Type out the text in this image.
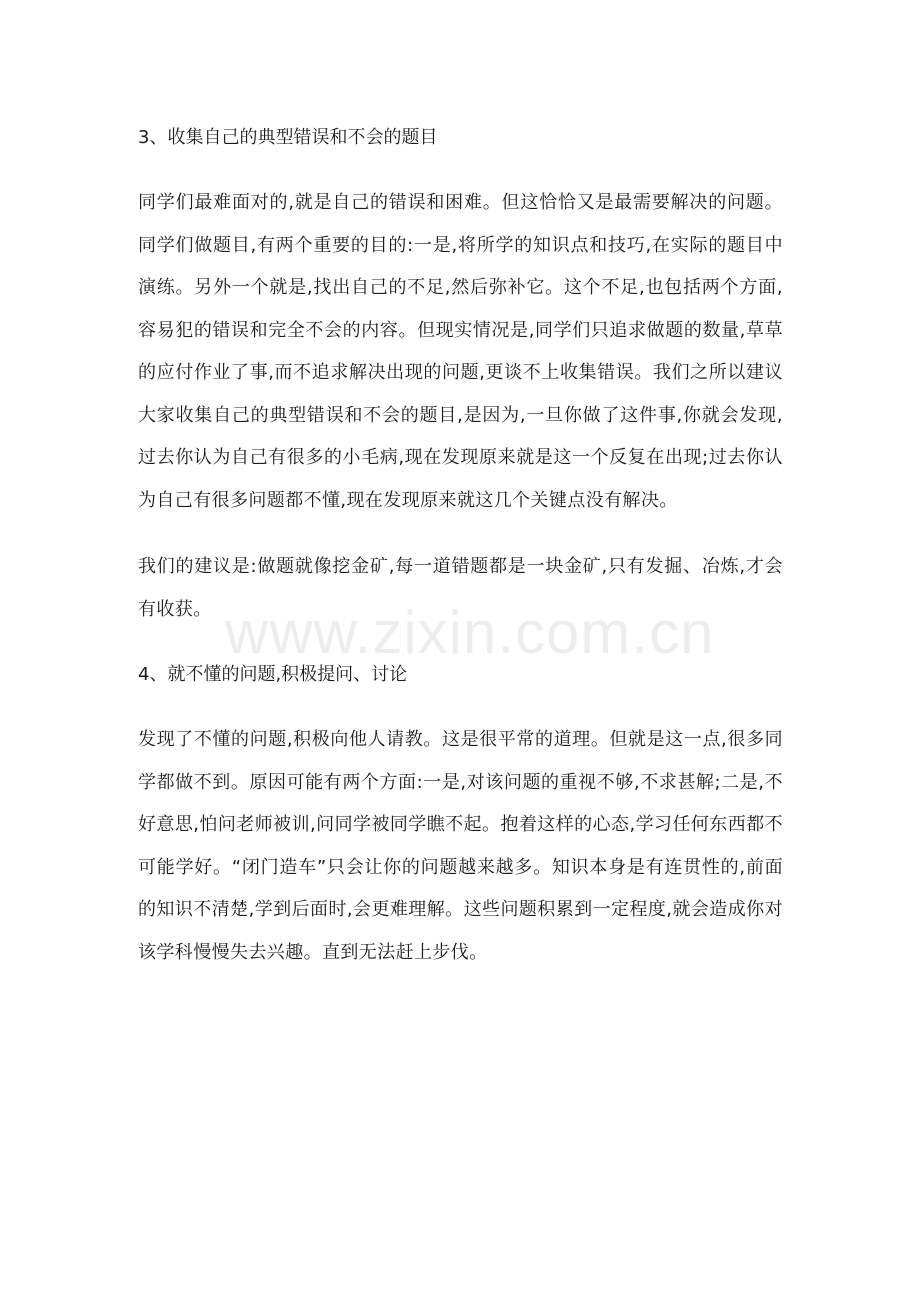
3、收集自己的典型错误和不会的题目

同学们最难面对的,就是自己的错误和困难。但这恰恰又是最需要解决的问题。同学们做题目,有两个重要的目的:一是,将所学的知识点和技巧,在实际的题目中演练。另外一个就是,找出自己的不足,然后弥补它。这个不足,也包括两个方面,容易犯的错误和完全不会的内容。但现实情况是,同学们只追求做题的数量,草草的应付作业了事,而不追求解决出现的问题,更谈不上收集错误。我们之所以建议大家收集自己的典型错误和不会的题目,是因为,一旦你做了这件事,你就会发现,过去你认为自己有很多的小毛病,现在发现原来就是这一个反复在出现;过去你认为自己有很多问题都不懂,现在发现原来就这几个关键点没有解决。

我们的建议是:做题就像挖金矿,每一道错题都是一块金矿,只有发掘、冶炼,才会有收获。

4、就不懂的问题,积极提问、讨论

发现了不懂的问题,积极向他人请教。这是很平常的道理。但就是这一点,很多同学都做不到。原因可能有两个方面:一是,对该问题的重视不够,不求甚解;二是,不好意思,怕问老师被训,问同学被同学瞧不起。抱着这样的心态,学习任何东西都不可能学好。“闭门造车”只会让你的问题越来越多。知识本身是有连贯性的,前面的知识不清楚,学到后面时,会更难理解。这些问题积累到一定程度,就会造成你对该学科慢慢失去兴趣。直到无法赶上步伐。

www.zixin.com.cn
